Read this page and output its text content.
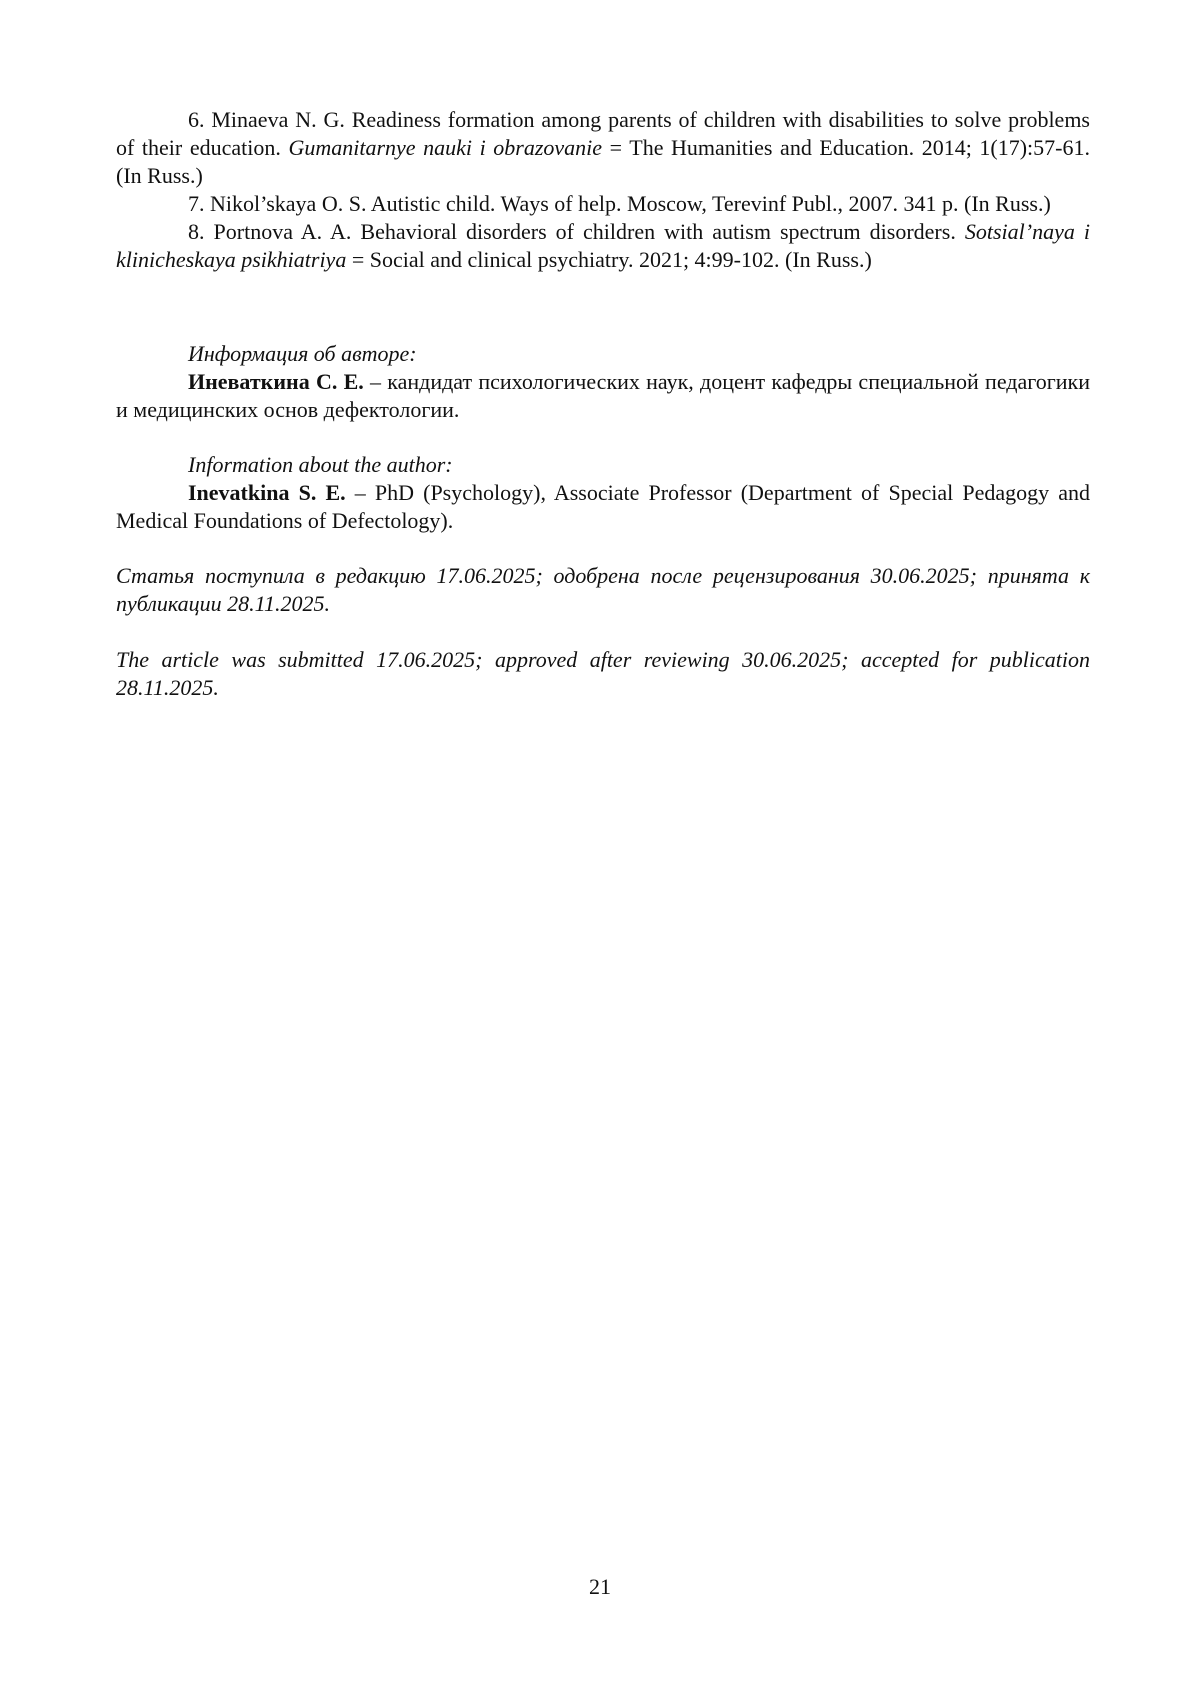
6. Minaeva N. G. Readiness formation among parents of children with disabilities to solve problems of their education. Gumanitarnye nauki i obrazovanie = The Humanities and Education. 2014; 1(17):57-61. (In Russ.)

7. Nikol’skaya O. S. Autistic child. Ways of help. Moscow, Terevinf Publ., 2007. 341 p. (In Russ.)

8. Portnova A. A. Behavioral disorders of children with autism spectrum disorders. Sotsial’naya i klinicheskaya psikhiatriya = Social and clinical psychiatry. 2021; 4:99-102. (In Russ.)

Информация об авторе:

Иневаткина С. Е. – кандидат психологических наук, доцент кафедры специальной педагогики и медицинских основ дефектологии.

Information about the author:

Inevatkina S. E. – PhD (Psychology), Associate Professor (Department of Special Pedagogy and Medical Foundations of Defectology).

Статья поступила в редакцию 17.06.2025; одобрена после рецензирования 30.06.2025; принята к публикации 28.11.2025.

The article was submitted 17.06.2025; approved after reviewing 30.06.2025; accepted for publication 28.11.2025.

21
